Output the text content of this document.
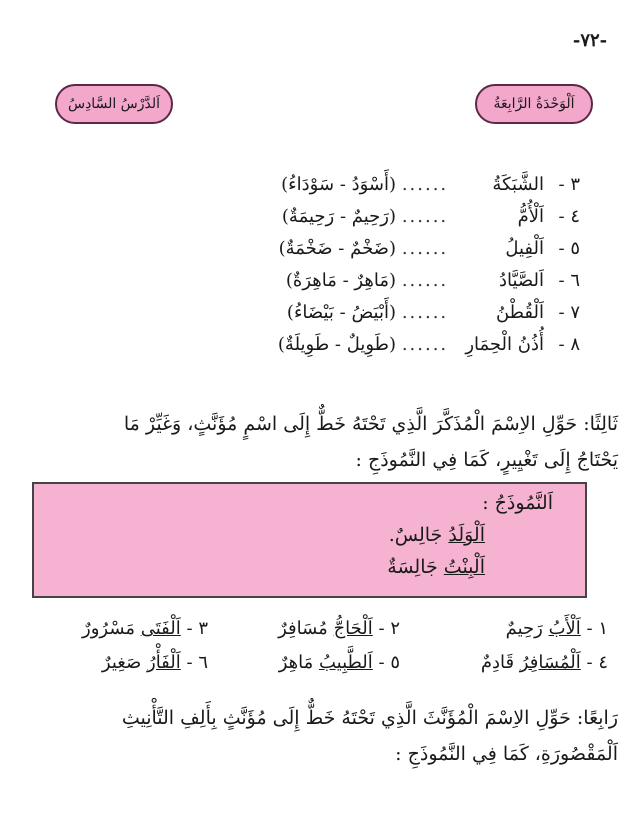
-٧٢-
اَلْوَحْدَةُ الرَّابِعَةُ
اَلدَّرْسُ السَّادِسُ
٣ -
الشَّبَكَةُ
......
(أَسْوَدُ - سَوْدَاءُ)
٤ -
اَلْأُمُّ
......
(رَحِيمٌ - رَحِيمَةٌ)
٥ -
اَلْفِيلُ
......
(ضَخْمٌ - ضَخْمَةٌ)
٦ -
اَلصَّيَّادُ
......
(مَاهِرٌ - مَاهِرَةٌ)
٧ -
اَلْقُطْنُ
......
(أَبْيَضُ - بَيْضَاءُ)
٨ -
أُذُنُ الْحِمَارِ
......
(طَوِيلٌ - طَوِيلَةٌ)
ثَالِثًا: حَوِّلِ الاِسْمَ الْمُذَكَّرَ الَّذِي تَحْتَهُ خَطٌّ إِلَى اسْمٍ مُؤَنَّثٍ، وَغَيِّرْ مَا
يَحْتَاجُ إِلَى تَغْيِيرٍ، كَمَا فِي النَّمُوذَجِ :
اَلنَّمُوذَجُ :
اَلْوَلَدُ جَالِسٌ.
اَلْبِنْتُ جَالِسَةٌ
١ - اَلْأَبُ رَحِيمٌ
٢ - اَلْحَاجُّ مُسَافِرٌ
٣ - اَلْفَتَى مَسْرُورٌ
٤ - اَلْمُسَافِرُ قَادِمٌ
٥ - اَلطَّبِيبُ مَاهِرٌ
٦ - اَلْفَأْرُ صَغِيرٌ
رَابِعًا: حَوِّلِ الاِسْمَ الْمُؤَنَّثَ الَّذِي تَحْتَهُ خَطٌّ إِلَى مُؤَنَّثٍ بِأَلِفِ التَّأْنِيثِ
اَلْمَقْصُورَةِ، كَمَا فِي النَّمُوذَجِ :
